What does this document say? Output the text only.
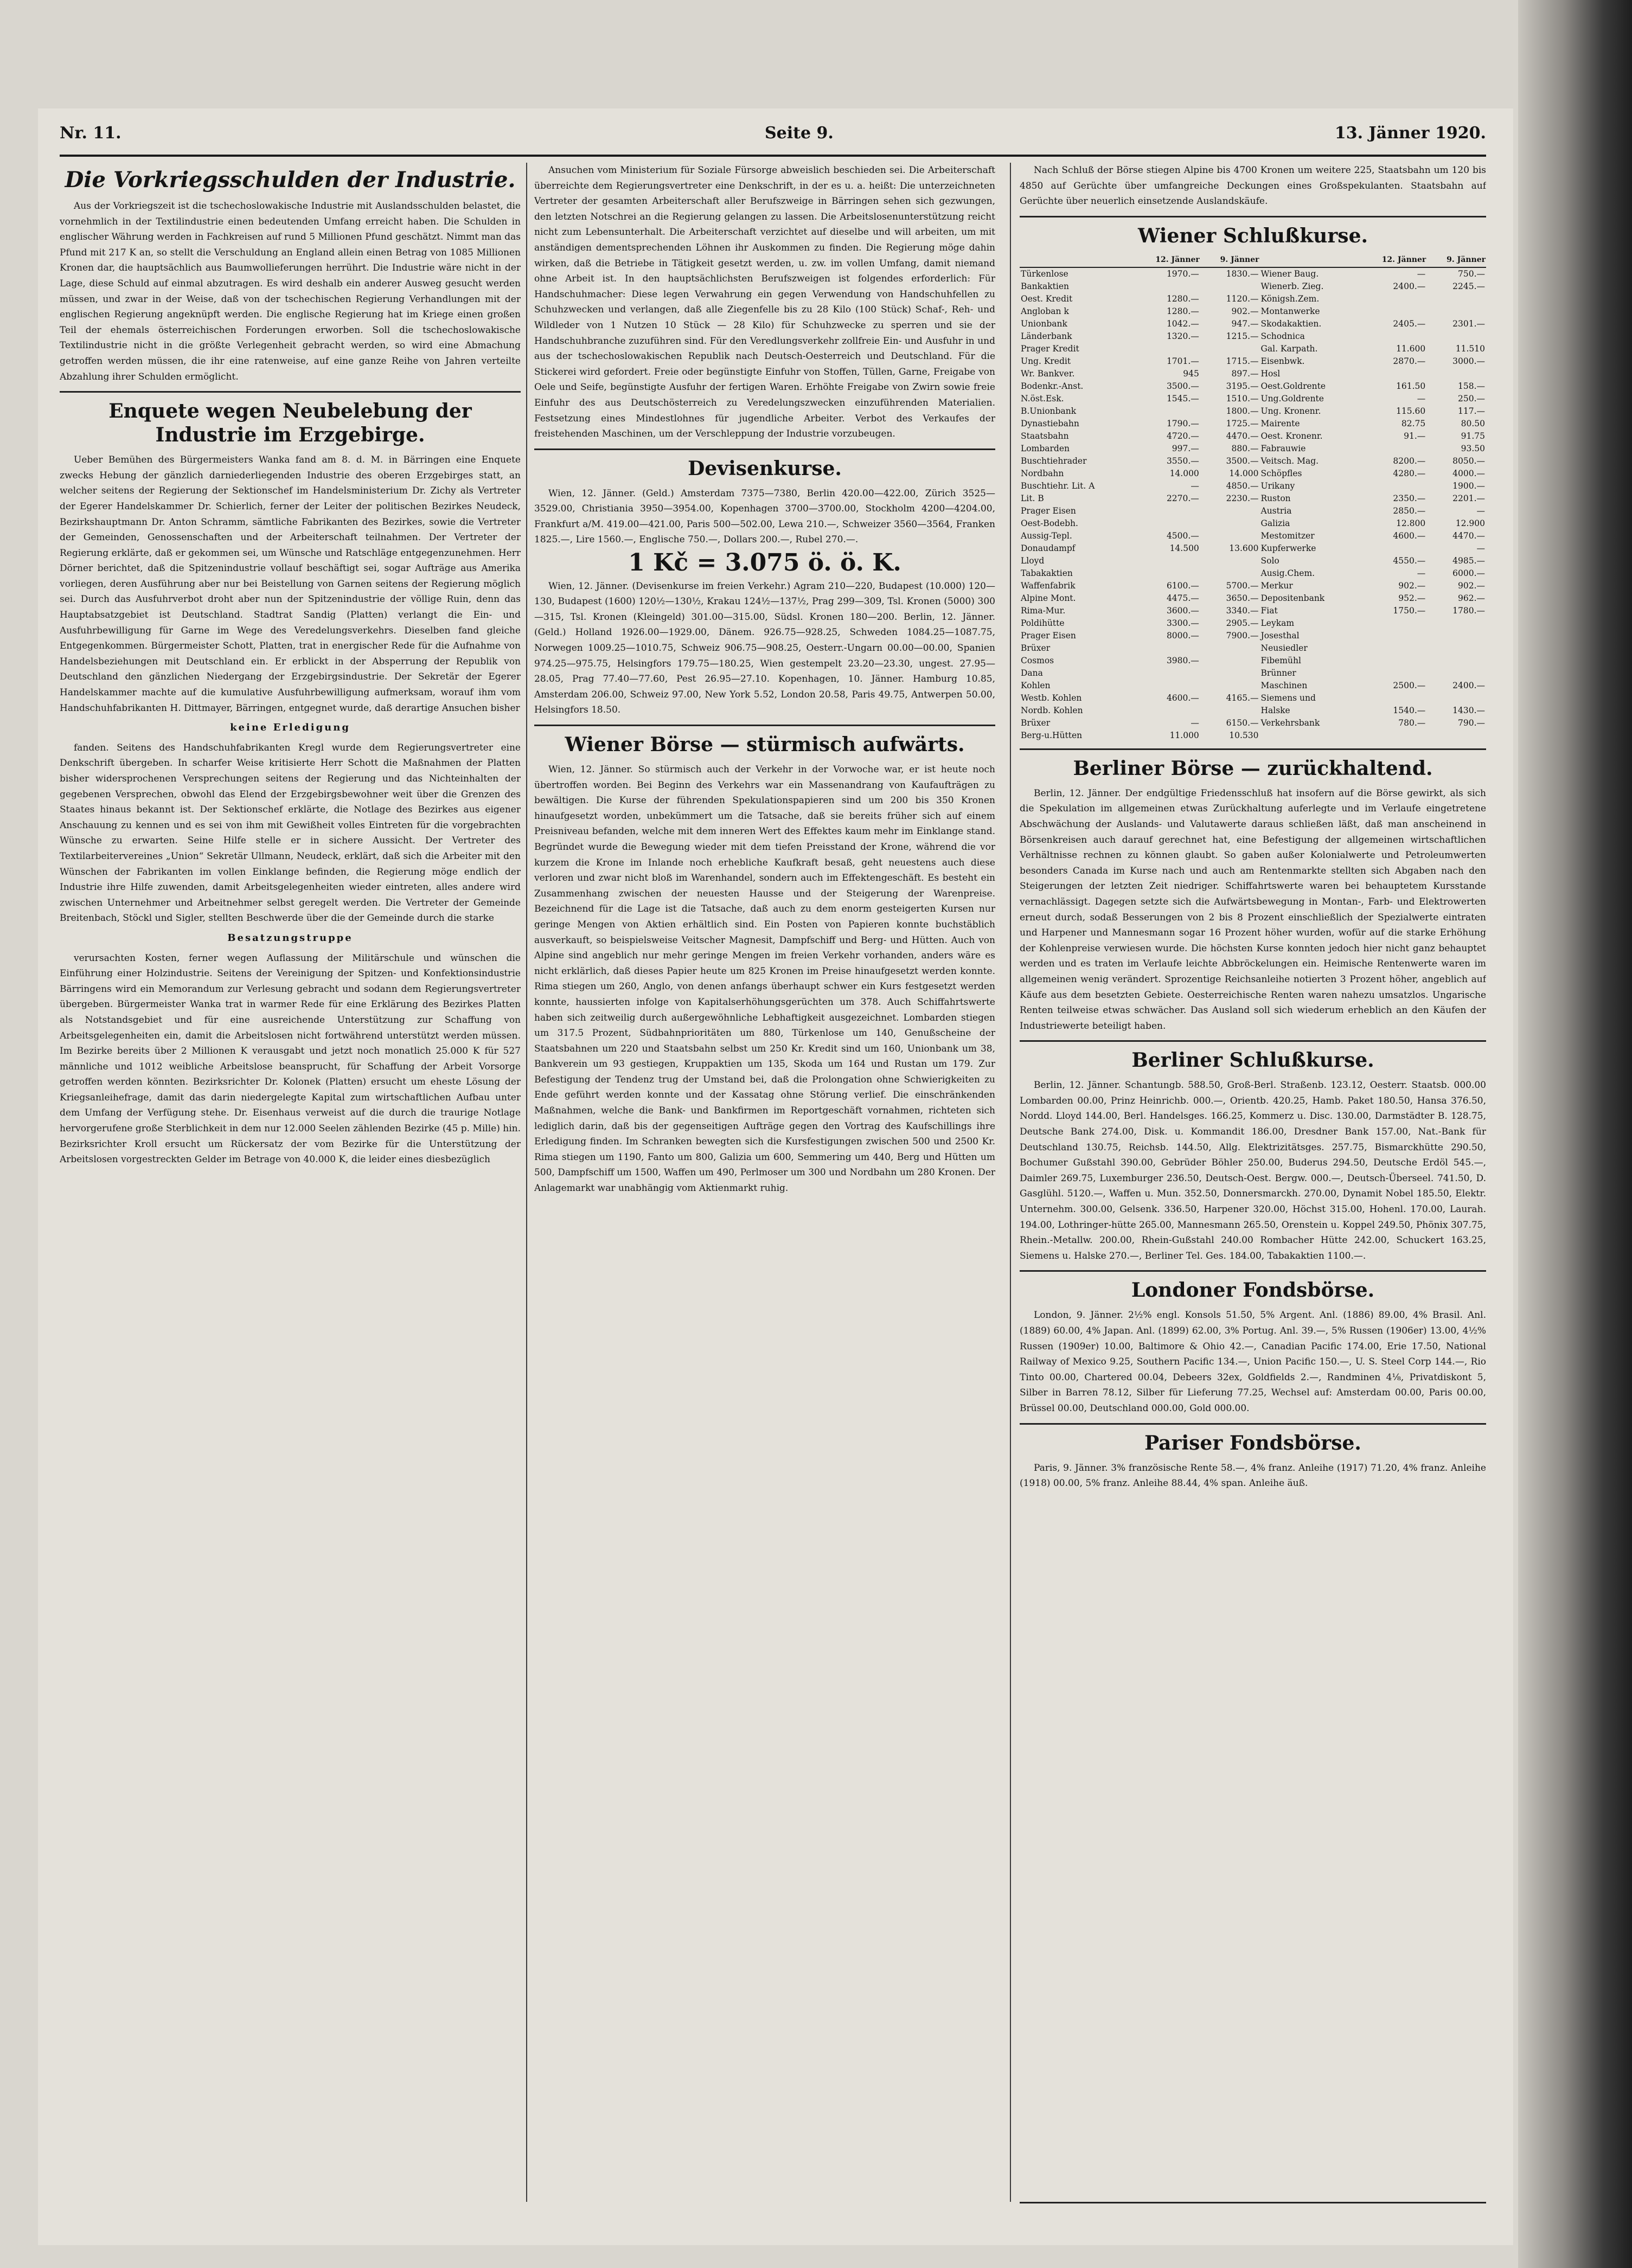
Nr. 11.	Seite 9.	13. Jänner 1920.
Die Vorkriegsschulden der Industrie.

Aus der Vorkriegszeit ist die tschechoslowakische Industrie mit Auslandsschulden belastet, die vornehmlich in der Textilindustrie einen bedeutenden Umfang erreicht haben. Die Schulden in englischer Währung werden in Fachkreisen auf rund 5 Millionen Pfund geschätzt. Nimmt man das Pfund mit 217 K an, so stellt die Verschuldung an England allein einen Betrag von 1085 Millionen Kronen dar, die hauptsächlich aus Baumwollieferungen herrührt. Die Industrie wäre nicht in der Lage, diese Schuld auf einmal abzutragen. Es wird deshalb ein anderer Ausweg gesucht werden müssen, und zwar in der Weise, daß von der tschechischen Regierung Verhandlungen mit der englischen Regierung angeknüpft werden. Die englische Regierung hat im Kriege einen großen Teil der ehemals österreichischen Forderungen erworben. Soll die tschechoslowakische Textilindustrie nicht in die größte Verlegenheit gebracht werden, so wird eine Abmachung getroffen werden müssen, die ihr eine ratenweise, auf eine ganze Reihe von Jahren verteilte Abzahlung ihrer Schulden ermöglicht.

Enquete wegen Neubelebung der Industrie im Erzgebirge.

Ueber Bemühen des Bürgermeisters Wanka fand am 8. d. M. in Bärringen eine Enquete zwecks Hebung der gänzlich darniederliegenden Industrie des oberen Erzgebirges statt, an welcher seitens der Regierung der Sektionschef im Handelsministerium Dr. Zichy als Vertreter der Egerer Handelskammer Dr. Schierlich, ferner der Leiter der politischen Bezirkes Neudeck, Bezirkshauptmann Dr. Anton Schramm, sämtliche Fabrikanten des Bezirkes, sowie die Vertreter der Gemeinden, Genossenschaften und der Arbeiterschaft teilnahmen. Der Vertreter der Regierung erklärte, daß er gekommen sei, um Wünsche und Ratschläge entgegenzunehmen. Herr Dörner berichtet, daß die Spitzenindustrie vollauf beschäftigt sei, sogar Aufträge aus Amerika vorliegen, deren Ausführung aber nur bei Beistellung von Garnen seitens der Regierung möglich sei. Durch das Ausfuhrverbot droht aber nun der Spitzenindustrie der völlige Ruin, denn das Hauptabsatzgebiet ist Deutschland. Stadtrat Sandig (Platten) verlangt die Ein- und Ausfuhrbewilligung für Garne im Wege des Veredelungsverkehrs. Dieselben fand gleiche Entgegenkommen. Bürgermeister Schott, Platten, trat in energischer Rede für die Aufnahme von Handelsbeziehungen mit Deutschland ein. Er erblickt in der Absperrung der Republik von Deutschland den gänzlichen Niedergang der Erzgebirgsindustrie. Der Sekretär der Egerer Handelskammer machte auf die kumulative Ausfuhrbewilligung aufmerksam, worauf ihm vom Handschuhfabrikanten H. Dittmayer, Bärringen, entgegnet wurde, daß derartige Ansuchen bisher

keine Erledigung

fanden. Seitens des Handschuhfabrikanten Kregl wurde dem Regierungsvertreter eine Denkschrift übergeben. In scharfer Weise kritisierte Herr Schott die Maßnahmen der Platten bisher widersprochenen Versprechungen seitens der Regierung und das Nichteinhalten der gegebenen Versprechen, obwohl das Elend der Erzgebirgsbewohner weit über die Grenzen des Staates hinaus bekannt ist. Der Sektionschef erklärte, die Notlage des Bezirkes aus eigener Anschauung zu kennen und es sei von ihm mit Gewißheit volles Eintreten für die vorgebrachten Wünsche zu erwarten. Seine Hilfe stelle er in sichere Aussicht. Der Vertreter des Textilarbeitervereines „Union“ Sekretär Ullmann, Neudeck, erklärt, daß sich die Arbeiter mit den Wünschen der Fabrikanten im vollen Einklange befinden, die Regierung möge endlich der Industrie ihre Hilfe zuwenden, damit Arbeitsgelegenheiten wieder eintreten, alles andere wird zwischen Unternehmer und Arbeitnehmer selbst geregelt werden. Die Vertreter der Gemeinde Breitenbach, Stöckl und Sigler, stellten Beschwerde über die der Gemeinde durch die starke

Besatzungstruppe

verursachten Kosten, ferner wegen Auflassung der Militärschule und wünschen die Einführung einer Holzindustrie. Seitens der Vereinigung der Spitzen- und Konfektionsindustrie Bärringens wird ein Memorandum zur Verlesung gebracht und sodann dem Regierungsvertreter übergeben. Bürgermeister Wanka trat in warmer Rede für eine Erklärung des Bezirkes Platten als Notstandsgebiet und für eine ausreichende Unterstützung zur Schaffung von Arbeitsgelegenheiten ein, damit die Arbeitslosen nicht fortwährend unterstützt werden müssen. Im Bezirke bereits über 2 Millionen K verausgabt und jetzt noch monatlich 25.000 K für 527 männliche und 1012 weibliche Arbeitslose beansprucht, für Schaffung der Arbeit Vorsorge getroffen werden könnten. Bezirksrichter Dr. Kolonek (Platten) ersucht um eheste Lösung der Kriegsanleihefrage, damit das darin niedergelegte Kapital zum wirtschaftlichen Aufbau unter dem Umfang der Verfügung stehe. Dr. Eisenhaus verweist auf die durch die traurige Notlage hervorgerufene große Sterblichkeit in dem nur 12.000 Seelen zählenden Bezirke (45 p. Mille) hin. Bezirksrichter Kroll ersucht um Rückersatz der vom Bezirke für die Unterstützung der Arbeitslosen vorgestreckten Gelder im Betrage von 40.000 K, die leider eines diesbezüglich

Ansuchen vom Ministerium für Soziale Fürsorge abweislich beschieden sei. Die Arbeiterschaft überreichte dem Regierungsvertreter eine Denkschrift, in der es u. a. heißt: Die unterzeichneten Vertreter der gesamten Arbeiterschaft aller Berufszweige in Bärringen sehen sich gezwungen, den letzten Notschrei an die Regierung gelangen zu lassen. Die Arbeitslosenunterstützung reicht nicht zum Lebensunterhalt. Die Arbeiterschaft verzichtet auf dieselbe und will arbeiten, um mit anständigen dementsprechenden Löhnen ihr Auskommen zu finden. Die Regierung möge dahin wirken, daß die Betriebe in Tätigkeit gesetzt werden, u. zw. im vollen Umfang, damit niemand ohne Arbeit ist. In den hauptsächlichsten Berufszweigen ist folgendes erforderlich: Für Handschuhmacher: Diese legen Verwahrung ein gegen Verwendung von Handschuhfellen zu Schuhzwecken und verlangen, daß alle Ziegenfelle bis zu 28 Kilo (100 Stück) Schaf-, Reh- und Wildleder von 1 Nutzen 10 Stück — 28 Kilo) für Schuhzwecke zu sperren und sie der Handschuhbranche zuzuführen sind. Für den Veredlungsverkehr zollfreie Ein- und Ausfuhr in und aus der tschechoslowakischen Republik nach Deutsch-Oesterreich und Deutschland. Für die Stickerei wird gefordert. Freie oder begünstigte Einfuhr von Stoffen, Tüllen, Garne, Freigabe von Oele und Seife, begünstigte Ausfuhr der fertigen Waren. Erhöhte Freigabe von Zwirn sowie freie Einfuhr des aus Deutschösterreich zu Veredelungszwecken einzuführenden Materialien. Festsetzung eines Mindestlohnes für jugendliche Arbeiter. Verbot des Verkaufes der freistehenden Maschinen, um der Verschleppung der Industrie vorzubeugen.

Devisenkurse.

Wien, 12. Jänner. (Geld.) Amsterdam 7375—7380, Berlin 420.00—422.00, Zürich 3525—3529.00, Christiania 3950—3954.00, Kopenhagen 3700—3700.00, Stockholm 4200—4204.00, Frankfurt a/M. 419.00—421.00, Paris 500—502.00, Lewa 210.—, Schweizer 3560—3564, Franken 1825.—, Lire 1560.—, Englische 750.—, Dollars 200.—, Rubel 270.—.

1 Kč = 3.075 ö. ö. K.

Wien, 12. Jänner. (Devisenkurse im freien Verkehr.) Agram 210—220, Budapest (10.000) 120—130, Budapest (1600) 120½—130½, Krakau 124½—137½, Prag 299—309, Tsl. Kronen (5000) 300—315, Tsl. Kronen (Kleingeld) 301.00—315.00, Südsl. Kronen 180—200. Berlin, 12. Jänner. (Geld.) Holland 1926.00—1929.00, Dänem. 926.75—928.25, Schweden 1084.25—1087.75, Norwegen 1009.25—1010.75, Schweiz 906.75—908.25, Oesterr.-Ungarn 00.00—00.00, Spanien 974.25—975.75, Helsingfors 179.75—180.25, Wien gestempelt 23.20—23.30, ungest. 27.95—28.05, Prag 77.40—77.60, Pest 26.95—27.10. Kopenhagen, 10. Jänner. Hamburg 10.85, Amsterdam 206.00, Schweiz 97.00, New York 5.52, London 20.58, Paris 49.75, Antwerpen 50.00, Helsingfors 18.50.

Wiener Börse — stürmisch aufwärts.

Wien, 12. Jänner. So stürmisch auch der Verkehr in der Vorwoche war, er ist heute noch übertroffen worden. Bei Beginn des Verkehrs war ein Massenandrang von Kaufaufträgen zu bewältigen. Die Kurse der führenden Spekulationspapieren sind um 200 bis 350 Kronen hinaufgesetzt worden, unbekümmert um die Tatsache, daß sie bereits früher sich auf einem Preisniveau befanden, welche mit dem inneren Wert des Effektes kaum mehr im Einklange stand. Begründet wurde die Bewegung wieder mit dem tiefen Preisstand der Krone, während die vor kurzem die Krone im Inlande noch erhebliche Kaufkraft besaß, geht neuestens auch diese verloren und zwar nicht bloß im Warenhandel, sondern auch im Effektengeschäft. Es besteht ein Zusammenhang zwischen der neuesten Hausse und der Steigerung der Warenpreise. Bezeichnend für die Lage ist die Tatsache, daß auch zu dem enorm gesteigerten Kursen nur geringe Mengen von Aktien erhältlich sind. Ein Posten von Papieren konnte buchstäblich ausverkauft, so beispielsweise Veitscher Magnesit, Dampfschiff und Berg- und Hütten. Auch von Alpine sind angeblich nur mehr geringe Mengen im freien Verkehr vorhanden, anders wäre es nicht erklärlich, daß dieses Papier heute um 825 Kronen im Preise hinaufgesetzt werden konnte. Rima stiegen um 260, Anglo, von denen anfangs überhaupt schwer ein Kurs festgesetzt werden konnte, haussierten infolge von Kapitalserhöhungsgerüchten um 378. Auch Schiffahrtswerte haben sich zeitweilig durch außergewöhnliche Lebhaftigkeit ausgezeichnet. Lombarden stiegen um 317.5 Prozent, Südbahnprioritäten um 880, Türkenlose um 140, Genußscheine der Staatsbahnen um 220 und Staatsbahn selbst um 250 Kr. Kredit sind um 160, Unionbank um 38, Bankverein um 93 gestiegen, Kruppaktien um 135, Skoda um 164 und Rustan um 179. Zur Befestigung der Tendenz trug der Umstand bei, daß die Prolongation ohne Schwierigkeiten zu Ende geführt werden konnte und der Kassatag ohne Störung verlief. Die einschränkenden Maßnahmen, welche die Bank- und Bankfirmen im Reportgeschäft vornahmen, richteten sich lediglich darin, daß bis der gegenseitigen Aufträge gegen den Vortrag des Kaufschillings ihre Erledigung finden. Im Schranken bewegten sich die Kursfestigungen zwischen 500 und 2500 Kr. Rima stiegen um 1190, Fanto um 800, Galizia um 600, Semmering um 440, Berg und Hütten um 500, Dampfschiff um 1500, Waffen um 490, Perlmoser um 300 und Nordbahn um 280 Kronen. Der Anlagemarkt war unabhängig vom Aktienmarkt ruhig.

Nach Schluß der Börse stiegen Alpine bis 4700 Kronen um weitere 225, Staatsbahn um 120 bis 4850 auf Gerüchte über umfangreiche Deckungen eines Großspekulanten. Staatsbahn auf Gerüchte über neuerlich einsetzende Auslandskäufe.

Wiener Schlußkurse.
	12. Jänner	9. Jänner		12. Jänner	9. Jänner
Türkenlose	1970.—	1830.—	Wiener Baug.	—	750.—
Bankaktien			Wienerb. Zieg.	2400.—	2245.—
Oest. Kredit	1280.—	1120.—	Königsh.Zem.		
Angloban k	1280.—	902.—	Montanwerke		
Unionbank	1042.—	947.—	Skodakaktien.	2405.—	2301.—
Länderbank	1320.—	1215.—	Schodnica		
Prager Kredit			Gal. Karpath.	11.600	11.510
Ung. Kredit	1701.—	1715.—	Eisenbwk.	2870.—	3000.—
Wr. Bankver.	945	897.—	Hosl		
Bodenkr.-Anst.	3500.—	3195.—	Oest.Goldrente	161.50	158.—
N.öst.Esk.	1545.—	1510.—	Ung.Goldrente	—	250.—
B.Unionbank		1800.—	Ung. Kronenr.	115.60	117.—
Dynastiebahn	1790.—	1725.—	Mairente	82.75	80.50
Staatsbahn	4720.—	4470.—	Oest. Kronenr.	91.—	91.75
Lombarden	997.—	880.—	Fabrauwie		93.50
Buschtiehrader	3550.—	3500.—	Veitsch. Mag.	8200.—	8050.—
Nordbahn	14.000	14.000	Schöpfles	4280.—	4000.—
Buschtiehr. Lit. A	—	4850.—	Urikany		1900.—
Lit. B	2270.—	2230.—	Ruston	2350.—	2201.—
Prager Eisen			Austria	2850.—	—
Oest-Bodebh.			Galizia	12.800	12.900
Aussig-Tepl.	4500.—		Mestomitzer	4600.—	4470.—
Donaudampf	14.500	13.600	Kupferwerke		—
Lloyd			Solo	4550.—	4985.—
Tabakaktien			Ausig.Chem.	—	6000.—
Waffenfabrik	6100.—	5700.—	Merkur	902.—	902.—
Alpine Mont.	4475.—	3650.—	Depositenbank	952.—	962.—
Rima-Mur.	3600.—	3340.—	Fiat	1750.—	1780.—
Poldihütte	3300.—	2905.—	Leykam		
Prager Eisen	8000.—	7900.—	Josesthal		
Brüxer			Neusiedler		
Cosmos	3980.—		Fibemühl		
Dana			Brünner		
Kohlen			Maschinen	2500.—	2400.—
Westb. Kohlen	4600.—	4165.—	Siemens und		
Nordb. Kohlen			Halske	1540.—	1430.—
Brüxer	—	6150.—	Verkehrsbank	780.—	790.—
Berg-u.Hütten	11.000	10.530			
Berliner Börse — zurückhaltend.

Berlin, 12. Jänner. Der endgültige Friedensschluß hat insofern auf die Börse gewirkt, als sich die Spekulation im allgemeinen etwas Zurückhaltung auferlegte und im Verlaufe eingetretene Abschwächung der Auslands- und Valutawerte daraus schließen läßt, daß man anscheinend in Börsenkreisen auch darauf gerechnet hat, eine Befestigung der allgemeinen wirtschaftlichen Verhältnisse rechnen zu können glaubt. So gaben außer Kolonialwerte und Petroleumwerten besonders Canada im Kurse nach und auch am Rentenmarkte stellten sich Abgaben nach den Steigerungen der letzten Zeit niedriger. Schiffahrtswerte waren bei behauptetem Kursstande vernachlässigt. Dagegen setzte sich die Aufwärtsbewegung in Montan-, Farb- und Elektrowerten erneut durch, sodaß Besserungen von 2 bis 8 Prozent einschließlich der Spezialwerte eintraten und Harpener und Mannesmann sogar 16 Prozent höher wurden, wofür auf die starke Erhöhung der Kohlenpreise verwiesen wurde. Die höchsten Kurse konnten jedoch hier nicht ganz behauptet werden und es traten im Verlaufe leichte Abbröckelungen ein. Heimische Rentenwerte waren im allgemeinen wenig verändert. Sprozentige Reichsanleihe notierten 3 Prozent höher, angeblich auf Käufe aus dem besetzten Gebiete. Oesterreichische Renten waren nahezu umsatzlos. Ungarische Renten teilweise etwas schwächer. Das Ausland soll sich wiederum erheblich an den Käufen der Industriewerte beteiligt haben.

Berliner Schlußkurse.

Berlin, 12. Jänner. Schantungb. 588.50, Groß-Berl. Straßenb. 123.12, Oesterr. Staatsb. 000.00 Lombarden 00.00, Prinz Heinrichb. 000.—, Orientb. 420.25, Hamb. Paket 180.50, Hansa 376.50, Nordd. Lloyd 144.00, Berl. Handelsges. 166.25, Kommerz u. Disc. 130.00, Darmstädter B. 128.75, Deutsche Bank 274.00, Disk. u. Kommandit 186.00, Dresdner Bank 157.00, Nat.-Bank für Deutschland 130.75, Reichsb. 144.50, Allg. Elektrizitätsges. 257.75, Bismarckhütte 290.50, Bochumer Gußstahl 390.00, Gebrüder Böhler 250.00, Buderus 294.50, Deutsche Erdöl 545.—, Daimler 269.75, Luxemburger 236.50, Deutsch-Oest. Bergw. 000.—, Deutsch-Überseel. 741.50, D. Gasglühl. 5120.—, Waffen u. Mun. 352.50, Donnersmarckh. 270.00, Dynamit Nobel 185.50, Elektr. Unternehm. 300.00, Gelsenk. 336.50, Harpener 320.00, Höchst 315.00, Hohenl. 170.00, Laurah. 194.00, Lothringer-hütte 265.00, Mannesmann 265.50, Orenstein u. Koppel 249.50, Phönix 307.75, Rhein.-Metallw. 200.00, Rhein-Gußstahl 240.00 Rombacher Hütte 242.00, Schuckert 163.25, Siemens u. Halske 270.—, Berliner Tel. Ges. 184.00, Tabakaktien 1100.—.

Londoner Fondsbörse.

London, 9. Jänner. 2½% engl. Konsols 51.50, 5% Argent. Anl. (1886) 89.00, 4% Brasil. Anl. (1889) 60.00, 4% Japan. Anl. (1899) 62.00, 3% Portug. Anl. 39.—, 5% Russen (1906er) 13.00, 4½% Russen (1909er) 10.00, Baltimore & Ohio 42.—, Canadian Pacific 174.00, Erie 17.50, National Railway of Mexico 9.25, Southern Pacific 134.—, Union Pacific 150.—, U. S. Steel Corp 144.—, Rio Tinto 00.00, Chartered 00.04, Debeers 32ex, Goldfields 2.—, Randminen 4⅛, Privatdiskont 5, Silber in Barren 78.12, Silber für Lieferung 77.25, Wechsel auf: Amsterdam 00.00, Paris 00.00, Brüssel 00.00, Deutschland 000.00, Gold 000.00.

Pariser Fondsbörse.

Paris, 9. Jänner. 3% französische Rente 58.—, 4% franz. Anleihe (1917) 71.20, 4% franz. Anleihe (1918) 00.00, 5% franz. Anleihe 88.44, 4% span. Anleihe äuß.
